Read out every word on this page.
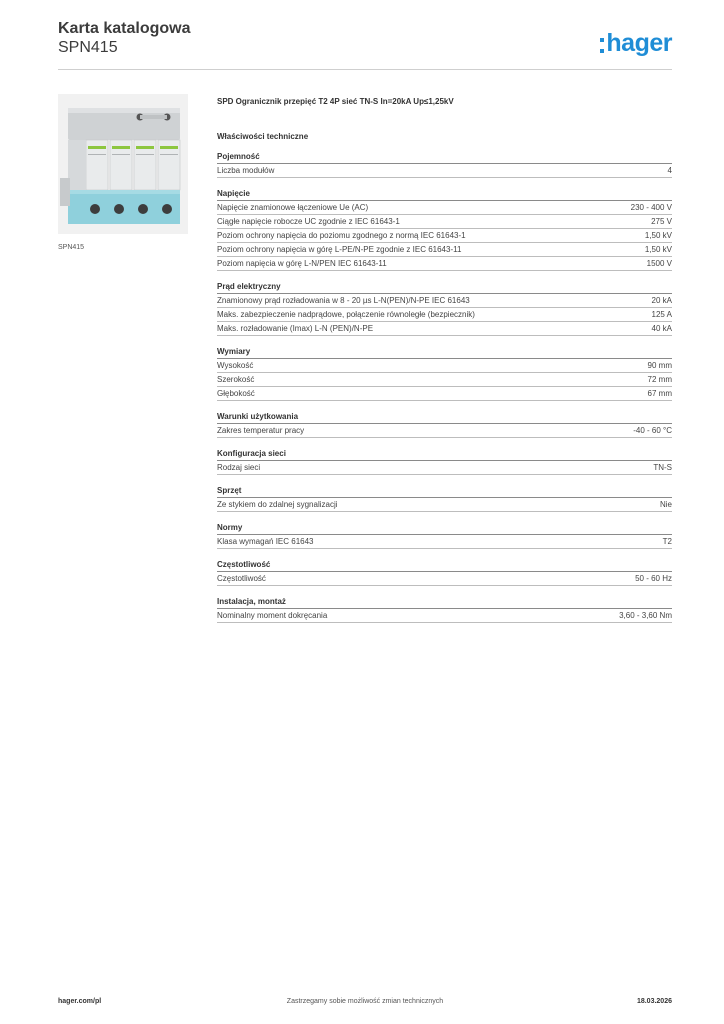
Karta katalogowa
SPN415	hager
SPN415
SPD Ogranicznik przepięć T2 4P sieć TN-S In=20kA Up≤1,25kV
Właściwości techniczne
Pojemność
Liczba modułów	4
Napięcie
Napięcie znamionowe łączeniowe Ue (AC)	230 - 400 V
Ciągłe napięcie robocze UC zgodnie z IEC 61643-1	275 V
Poziom ochrony napięcia do poziomu zgodnego z normą IEC 61643-1	1,50 kV
Poziom ochrony napięcia w górę L-PE/N-PE zgodnie z IEC 61643-11	1,50 kV
Poziom napięcia w górę L-N/PEN IEC 61643-11	1500 V
Prąd elektryczny
Znamionowy prąd rozładowania w 8 - 20 µs L-N(PEN)/N-PE IEC 61643	20 kA
Maks. zabezpieczenie nadprądowe, połączenie równoległe (bezpiecznik)	125 A
Maks. rozładowanie (Imax) L-N (PEN)/N-PE	40 kA
Wymiary
Wysokość	90 mm
Szerokość	72 mm
Głębokość	67 mm
Warunki użytkowania
Zakres temperatur pracy	-40 - 60 °C
Konfiguracja sieci
Rodzaj sieci	TN-S
Sprzęt
Ze stykiem do zdalnej sygnalizacji	Nie
Normy
Klasa wymagań IEC 61643	T2
Częstotliwość
Częstotliwość	50 - 60 Hz
Instalacja, montaż
Nominalny moment dokręcania	3,60 - 3,60 Nm
hager.com/pl	Zastrzegamy sobie możliwość zmian technicznych	18.03.2026
